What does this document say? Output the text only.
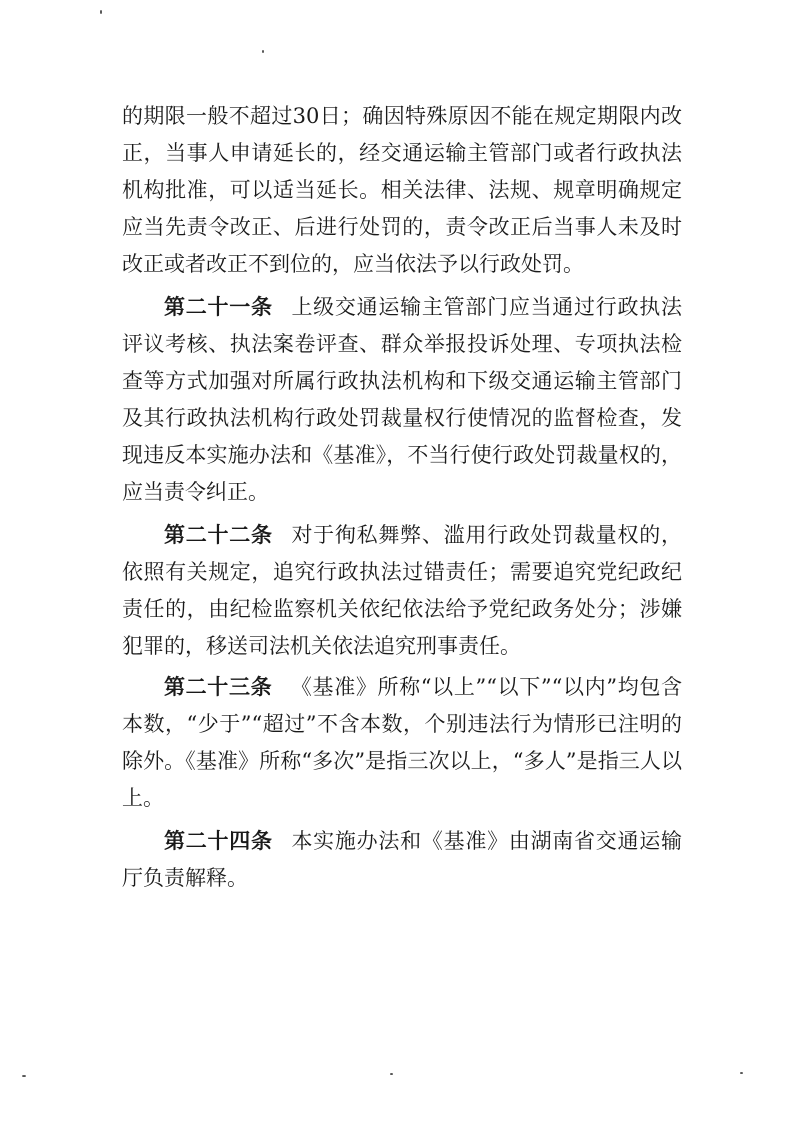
的期限一般不超过30日；确因特殊原因不能在规定期限内改正，当事人申请延长的，经交通运输主管部门或者行政执法机构批准，可以适当延长。相关法律、法规、规章明确规定应当先责令改正、后进行处罚的，责令改正后当事人未及时改正或者改正不到位的，应当依法予以行政处罚。

第二十一条 上级交通运输主管部门应当通过行政执法评议考核、执法案卷评查、群众举报投诉处理、专项执法检查等方式加强对所属行政执法机构和下级交通运输主管部门及其行政执法机构行政处罚裁量权行使情况的监督检查，发现违反本实施办法和《基准》，不当行使行政处罚裁量权的，应当责令纠正。

第二十二条 对于徇私舞弊、滥用行政处罚裁量权的，依照有关规定，追究行政执法过错责任；需要追究党纪政纪责任的，由纪检监察机关依纪依法给予党纪政务处分；涉嫌犯罪的，移送司法机关依法追究刑事责任。

第二十三条 《基准》所称“以上”“以下”“以内”均包含本数，“少于”“超过”不含本数，个别违法行为情形已注明的除外。《基准》所称“多次”是指三次以上，“多人”是指三人以上。

第二十四条 本实施办法和《基准》由湖南省交通运输厅负责解释。
